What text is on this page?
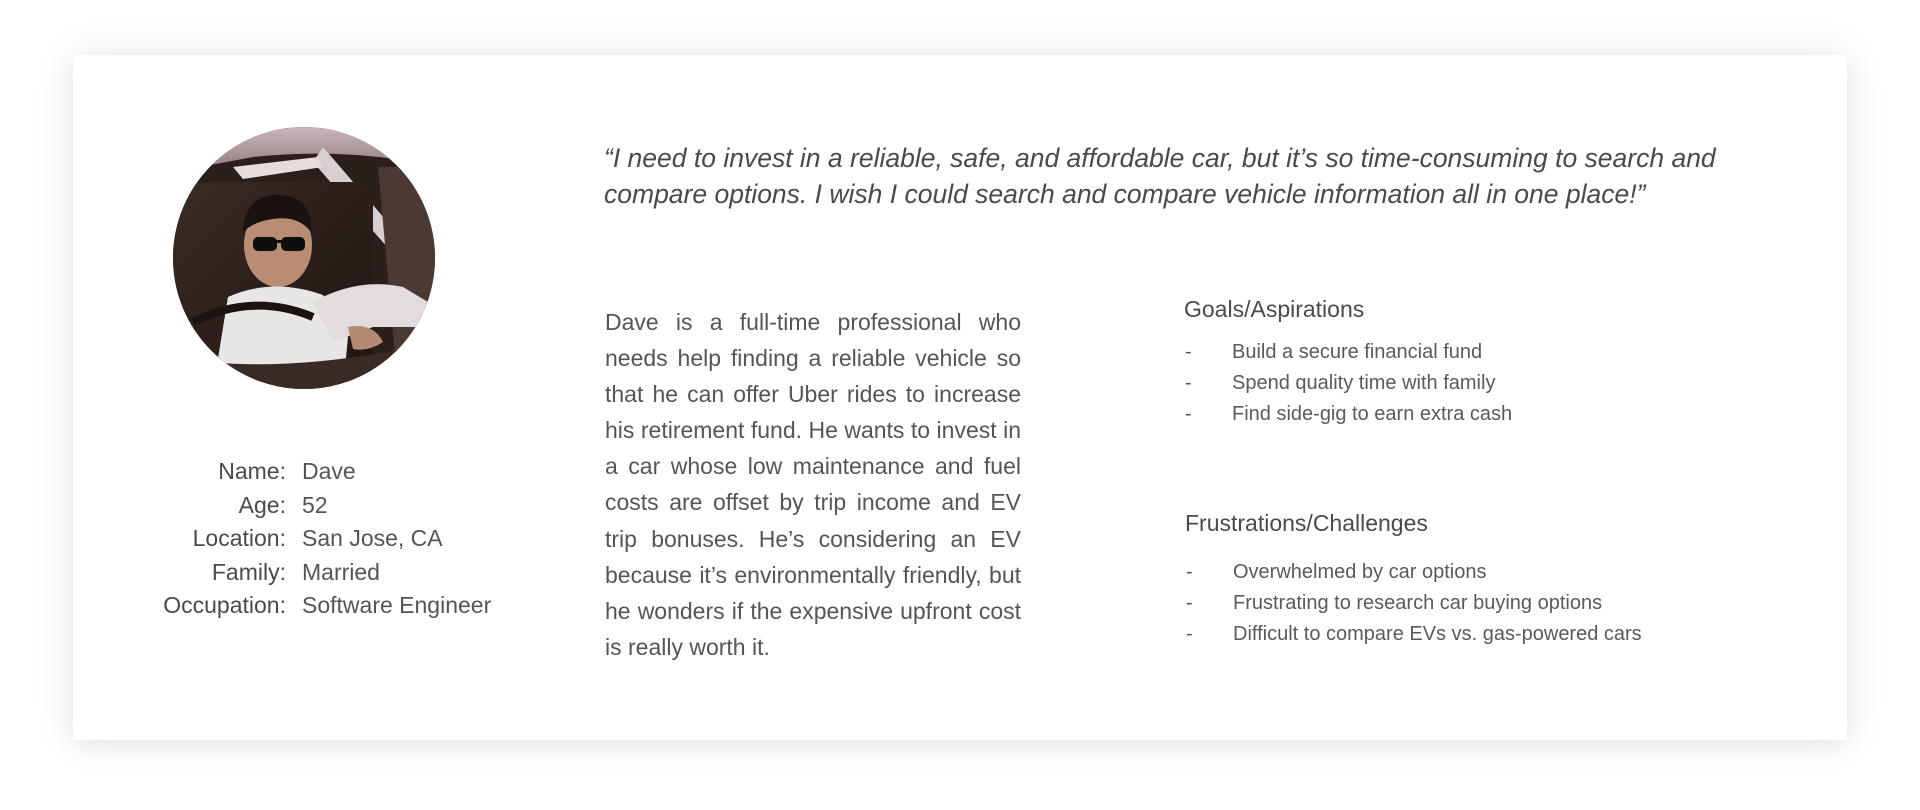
Name: Dave
Age: 52
Location: San Jose, CA
Family: Married
Occupation: Software Engineer
“I need to invest in a reliable, safe, and affordable car, but it’s so time-consuming to search and compare options. I wish I could search and compare vehicle information all in one place!”
Dave is a full-time professional who needs help finding a reliable vehicle so that he can offer Uber rides to increase his retirement fund. He wants to invest in a car whose low maintenance and fuel costs are offset by trip income and EV trip bonuses. He’s considering an EV because it’s environmentally friendly, but he wonders if the expensive upfront cost is really worth it.
Goals/Aspirations
- Build a secure financial fund
- Spend quality time with family
- Find side-gig to earn extra cash
Frustrations/Challenges
- Overwhelmed by car options
- Frustrating to research car buying options
- Difficult to compare EVs vs. gas-powered cars
